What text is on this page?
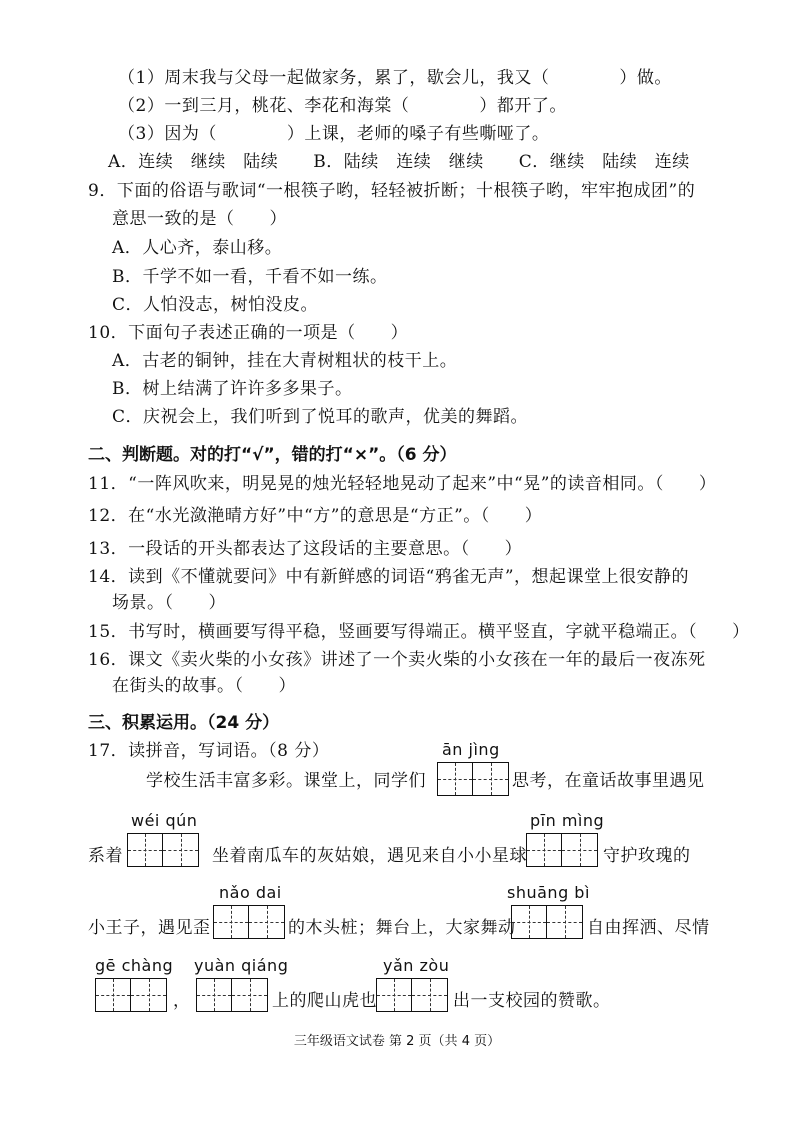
（1）周末我与父母一起做家务，累了，歇会儿，我又（　　　　）做。
（2）一到三月，桃花、李花和海棠（　　　　）都开了。
（3）因为（　　　　）上课，老师的嗓子有些嘶哑了。
A．连续　继续　陆续　　B．陆续　连续　继续　　C．继续　陆续　连续
9．下面的俗语与歌词“一根筷子哟，轻轻被折断；十根筷子哟，牢牢抱成团”的
意思一致的是（　　）
A．人心齐，泰山移。
B．千学不如一看，千看不如一练。
C．人怕没志，树怕没皮。
10．下面句子表述正确的一项是（　　）
A．古老的铜钟，挂在大青树粗状的枝干上。
B．树上结满了许许多多果子。
C．庆祝会上，我们听到了悦耳的歌声，优美的舞蹈。
二、判断题。对的打“√”，错的打“×”。（6 分）
11．“一阵风吹来，明晃晃的烛光轻轻地晃动了起来”中“晃”的读音相同。（　　）
12．在“水光潋滟晴方好”中“方”的意思是“方正”。（　　）
13．一段话的开头都表达了这段话的主要意思。（　　）
14．读到《不懂就要问》中有新鲜感的词语“鸦雀无声”，想起课堂上很安静的
场景。（　　）
15．书写时，横画要写得平稳，竖画要写得端正。横平竖直，字就平稳端正。（　　）
16．课文《卖火柴的小女孩》讲述了一个卖火柴的小女孩在一年的最后一夜冻死
在街头的故事。（　　）
三、积累运用。（24 分）
17．读拼音，写词语。（8 分）	ān jìng
学校生活丰富多彩。课堂上，同学们	思考，在童话故事里遇见
wéi qún
系着	坐着南瓜车的灰姑娘，遇见来自小小星球
pīn mìng
守护玫瑰的
nǎo dai
小王子，遇见歪	的木头桩；舞台上，大家舞动
shuāng bì
自由挥洒、尽情
gē chàng
，
yuàn qiáng
上的爬山虎也
yǎn zòu
出一支校园的赞歌。
三年级语文试卷 第 2 页（共 4 页）
